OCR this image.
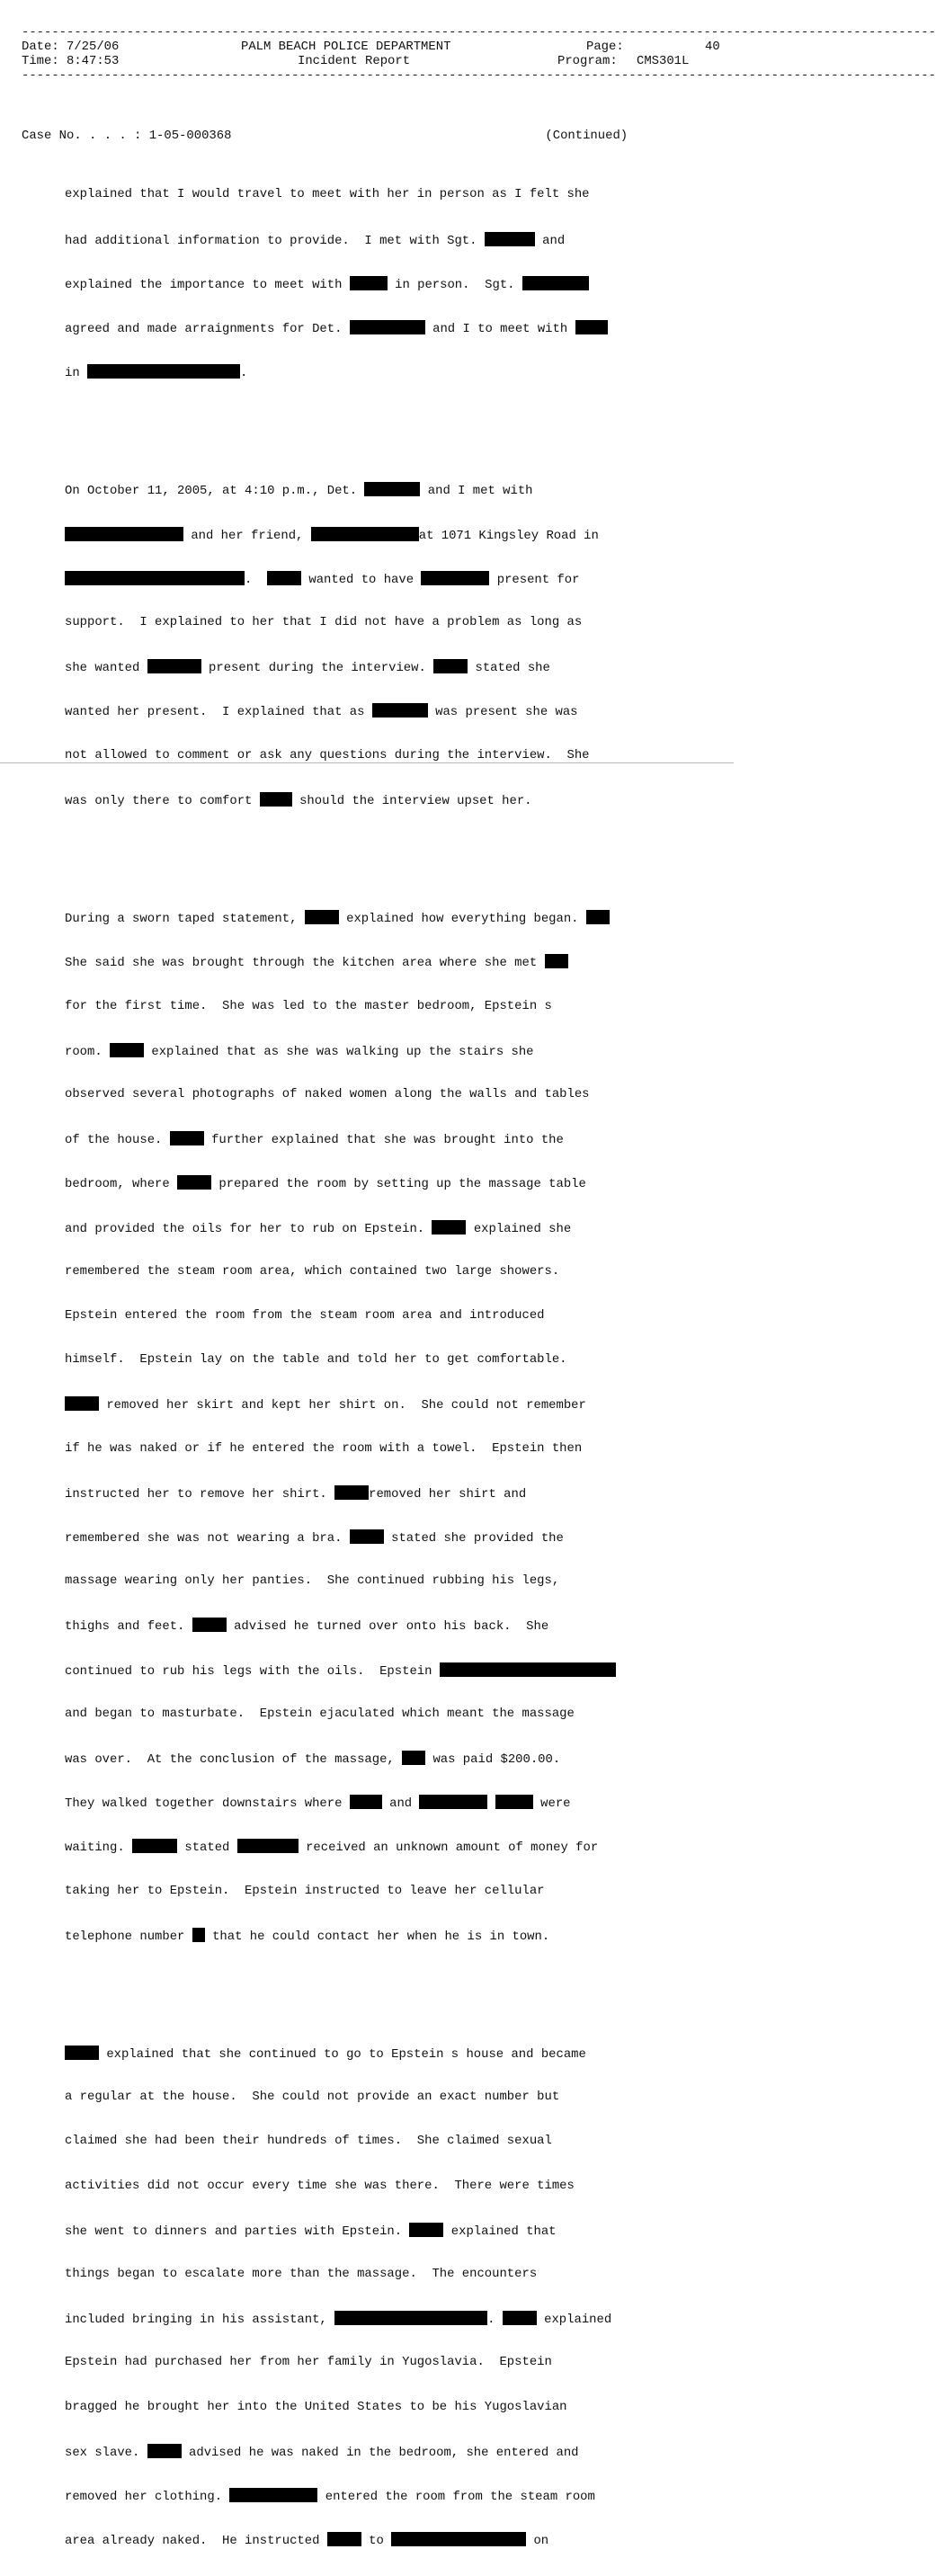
--------------------------------------------------------------------------------------------------------------------------
Date: 7/25/06
Time: 8:47:53
PALM BEACH POLICE DEPARTMENT
Incident Report
Page:	40
Program: CMS301L
--------------------------------------------------------------------------------------------------------------------------

Case No. . . . : 1-05-000368	(Continued)

explained that I would travel to meet with her in person as I felt she

had additional information to provide.  I met with Sgt.	and

explained the importance to meet with	in person.  Sgt.

agreed and made arraignments for Det.	and I to meet with

in	.

On October 11, 2005, at 4:10 p.m., Det.	and I met with

and her friend,	at 1071 Kingsley Road in

.	wanted to have	present for

support.  I explained to her that I did not have a problem as long as

she wanted	present during the interview.	stated she

wanted her present.  I explained that as	was present she was

not allowed to comment or ask any questions during the interview.  She

was only there to comfort	should the interview upset her.

During a sworn taped statement,	explained how everything began.

She said she was brought through the kitchen area where she met

for the first time.  She was led to the master bedroom, Epstein s

room.	explained that as she was walking up the stairs she

observed several photographs of naked women along the walls and tables

of the house.	further explained that she was brought into the

bedroom, where	prepared the room by setting up the massage table

and provided the oils for her to rub on Epstein.	explained she

remembered the steam room area, which contained two large showers.

Epstein entered the room from the steam room area and introduced

himself.  Epstein lay on the table and told her to get comfortable.

removed her skirt and kept her shirt on.  She could not remember

if he was naked or if he entered the room with a towel.  Epstein then

instructed her to remove her shirt.	removed her shirt and

remembered she was not wearing a bra.	stated she provided the

massage wearing only her panties.  She continued rubbing his legs,

thighs and feet.	advised he turned over onto his back.  She

continued to rub his legs with the oils.  Epstein

and began to masturbate.  Epstein ejaculated which meant the massage

was over.  At the conclusion of the massage,	was paid $200.00.

They walked together downstairs where	and	were

waiting.	stated	received an unknown amount of money for

taking her to Epstein.  Epstein instructed to leave her cellular

telephone number that he could contact her when he is in town.

explained that she continued to go to Epstein s house and became

a regular at the house.  She could not provide an exact number but

claimed she had been their hundreds of times.  She claimed sexual

activities did not occur every time she was there.  There were times

she went to dinners and parties with Epstein.	explained that

things began to escalate more than the massage.  The encounters

included bringing in his assistant,	.	explained

Epstein had purchased her from her family in Yugoslavia.  Epstein

bragged he brought her into the United States to be his Yugoslavian

sex slave.	advised he was naked in the bedroom, she entered and

removed her clothing.	entered the room from the steam room

area already naked.  He instructed	to	on
